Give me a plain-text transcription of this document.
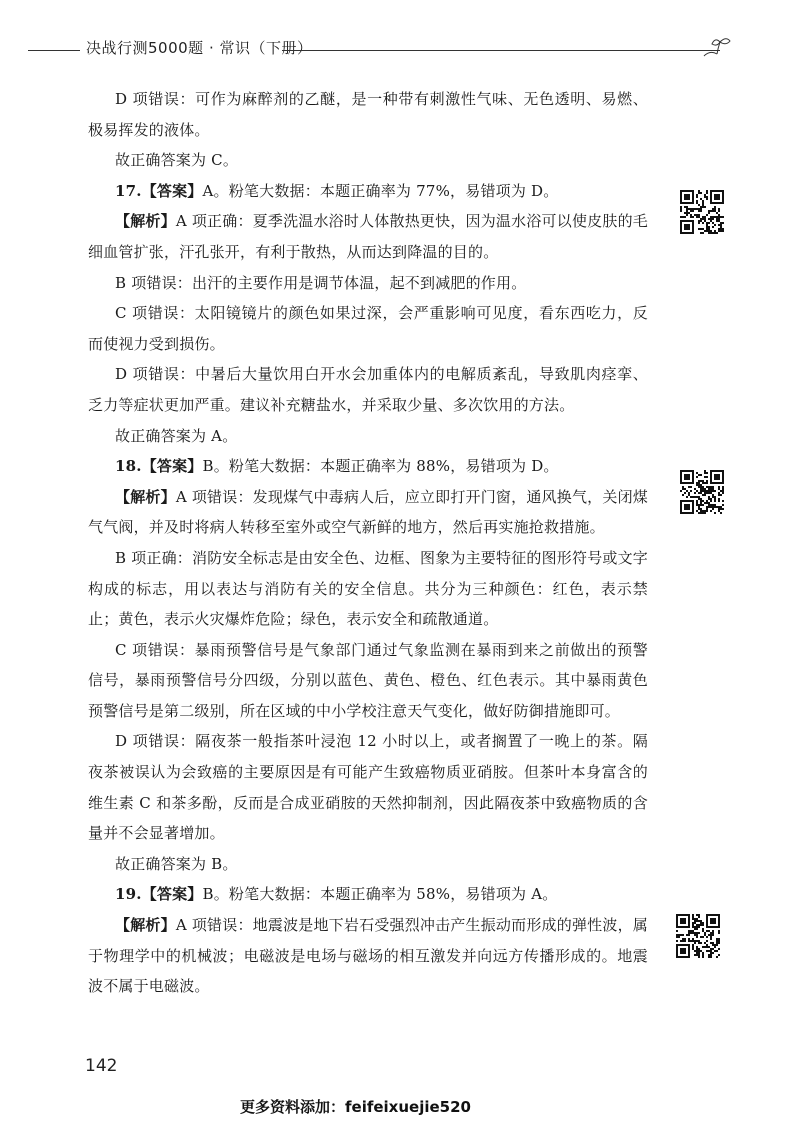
决战行测5000题 · 常识（下册）

D 项错误：可作为麻醉剂的乙醚，是一种带有刺激性气味、无色透明、易燃、极易挥发的液体。

故正确答案为 C。

17.【答案】A。粉笔大数据：本题正确率为 77%，易错项为 D。

【解析】A 项正确：夏季洗温水浴时人体散热更快，因为温水浴可以使皮肤的毛细血管扩张，汗孔张开，有利于散热，从而达到降温的目的。

B 项错误：出汗的主要作用是调节体温，起不到减肥的作用。

C 项错误：太阳镜镜片的颜色如果过深，会严重影响可见度，看东西吃力，反而使视力受到损伤。

D 项错误：中暑后大量饮用白开水会加重体内的电解质紊乱，导致肌肉痉挛、乏力等症状更加严重。建议补充糖盐水，并采取少量、多次饮用的方法。

故正确答案为 A。

18.【答案】B。粉笔大数据：本题正确率为 88%，易错项为 D。

【解析】A 项错误：发现煤气中毒病人后，应立即打开门窗，通风换气，关闭煤气气阀，并及时将病人转移至室外或空气新鲜的地方，然后再实施抢救措施。

B 项正确：消防安全标志是由安全色、边框、图象为主要特征的图形符号或文字构成的标志，用以表达与消防有关的安全信息。共分为三种颜色：红色，表示禁止；黄色，表示火灾爆炸危险；绿色，表示安全和疏散通道。

C 项错误：暴雨预警信号是气象部门通过气象监测在暴雨到来之前做出的预警信号，暴雨预警信号分四级，分别以蓝色、黄色、橙色、红色表示。其中暴雨黄色预警信号是第二级别，所在区域的中小学校注意天气变化，做好防御措施即可。

D 项错误：隔夜茶一般指茶叶浸泡 12 小时以上，或者搁置了一晚上的茶。隔夜茶被误认为会致癌的主要原因是有可能产生致癌物质亚硝胺。但茶叶本身富含的维生素 C 和茶多酚，反而是合成亚硝胺的天然抑制剂，因此隔夜茶中致癌物质的含量并不会显著增加。

故正确答案为 B。

19.【答案】B。粉笔大数据：本题正确率为 58%，易错项为 A。

【解析】A 项错误：地震波是地下岩石受强烈冲击产生振动而形成的弹性波，属于物理学中的机械波；电磁波是电场与磁场的相互激发并向远方传播形成的。地震波不属于电磁波。

142
更多资料添加：feifeixuejie520
